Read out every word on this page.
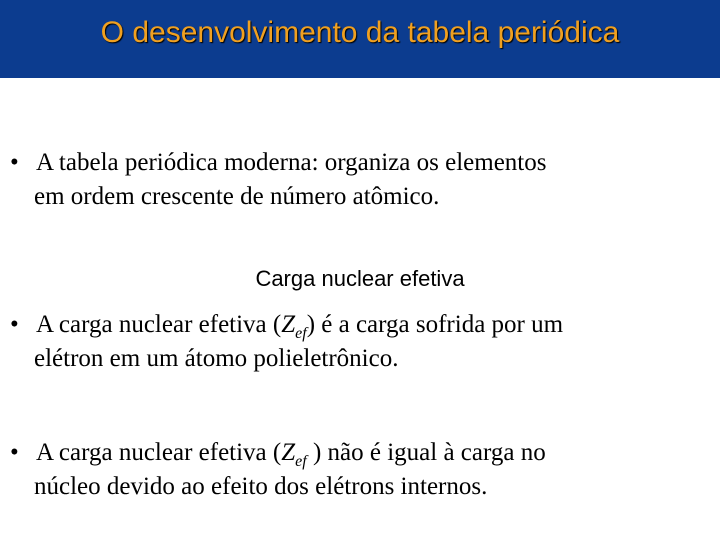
O desenvolvimento da tabela periódica
• A tabela periódica moderna: organiza os elementos
em ordem crescente de número atômico.
Carga nuclear efetiva
• A carga nuclear efetiva $(Z_{ef})$ é a carga sofrida por um
elétron em um átomo polieletrônico.
• A carga nuclear efetiva ($Z_{ef}$ ) não é igual à carga no
núcleo devido ao efeito dos elétrons internos.
